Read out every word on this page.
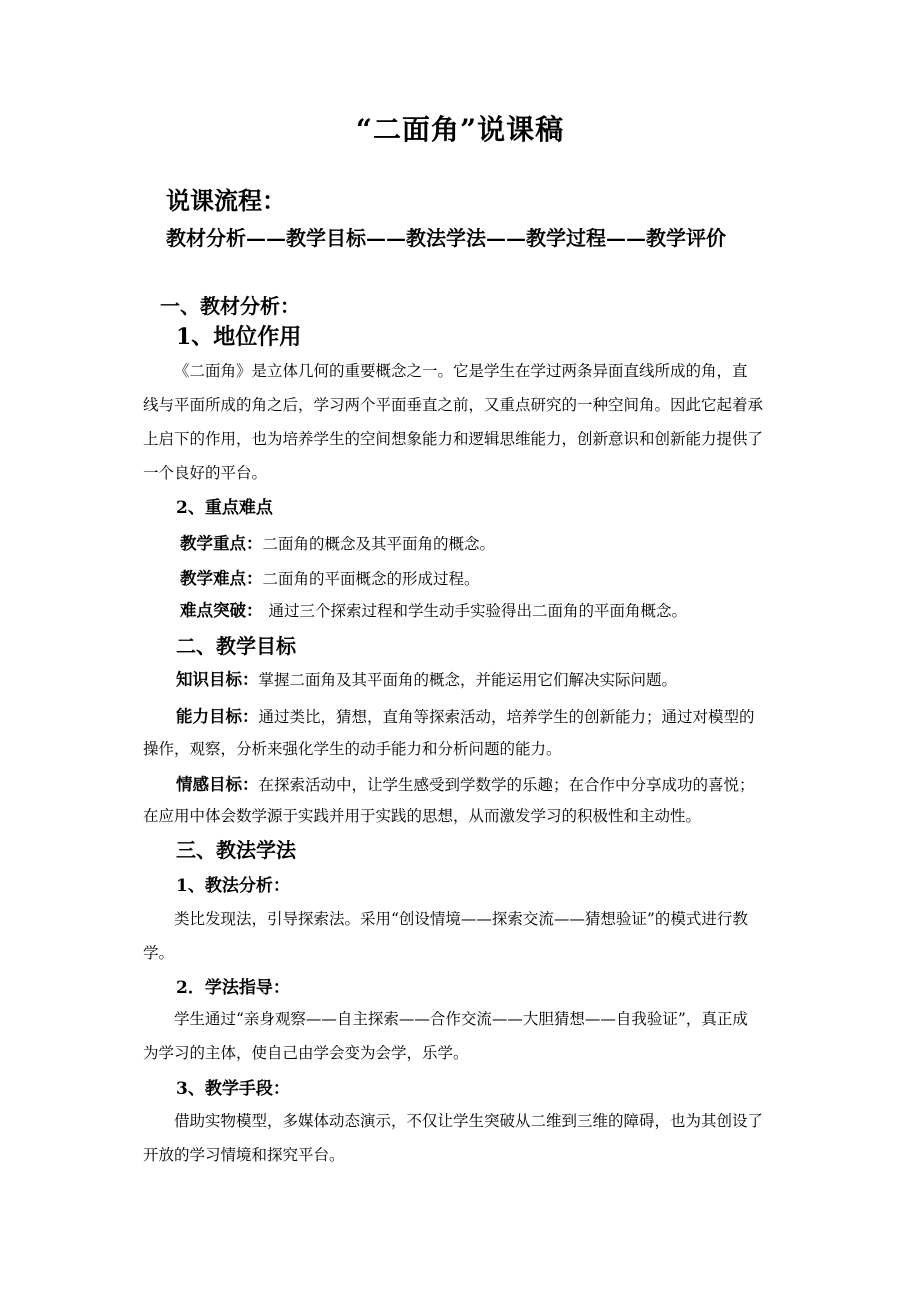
“二面角”说课稿
说课流程：
教材分析——教学目标——教法学法——教学过程——教学评价
一、教材分析：
1、地位作用
《二面角》是立体几何的重要概念之一。它是学生在学过两条异面直线所成的角，直
线与平面所成的角之后，学习两个平面垂直之前，又重点研究的一种空间角。因此它起着承
上启下的作用，也为培养学生的空间想象能力和逻辑思维能力，创新意识和创新能力提供了
一个良好的平台。
2、重点难点
教学重点：二面角的概念及其平面角的概念。
教学难点：二面角的平面概念的形成过程。
难点突破： 通过三个探索过程和学生动手实验得出二面角的平面角概念。
二、教学目标
知识目标：掌握二面角及其平面角的概念，并能运用它们解决实际问题。
能力目标：通过类比，猜想，直角等探索活动，培养学生的创新能力；通过对模型的
操作，观察，分析来强化学生的动手能力和分析问题的能力。
情感目标：在探索活动中，让学生感受到学数学的乐趣；在合作中分享成功的喜悦；
在应用中体会数学源于实践并用于实践的思想，从而激发学习的积极性和主动性。
三、教法学法
1、教法分析：
类比发现法，引导探索法。采用“创设情境——探索交流——猜想验证”的模式进行教
学。
2．学法指导：
学生通过“亲身观察——自主探索——合作交流——大胆猜想——自我验证”，真正成
为学习的主体，使自己由学会变为会学，乐学。
3、教学手段：
借助实物模型，多媒体动态演示，不仅让学生突破从二维到三维的障碍，也为其创设了
开放的学习情境和探究平台。
